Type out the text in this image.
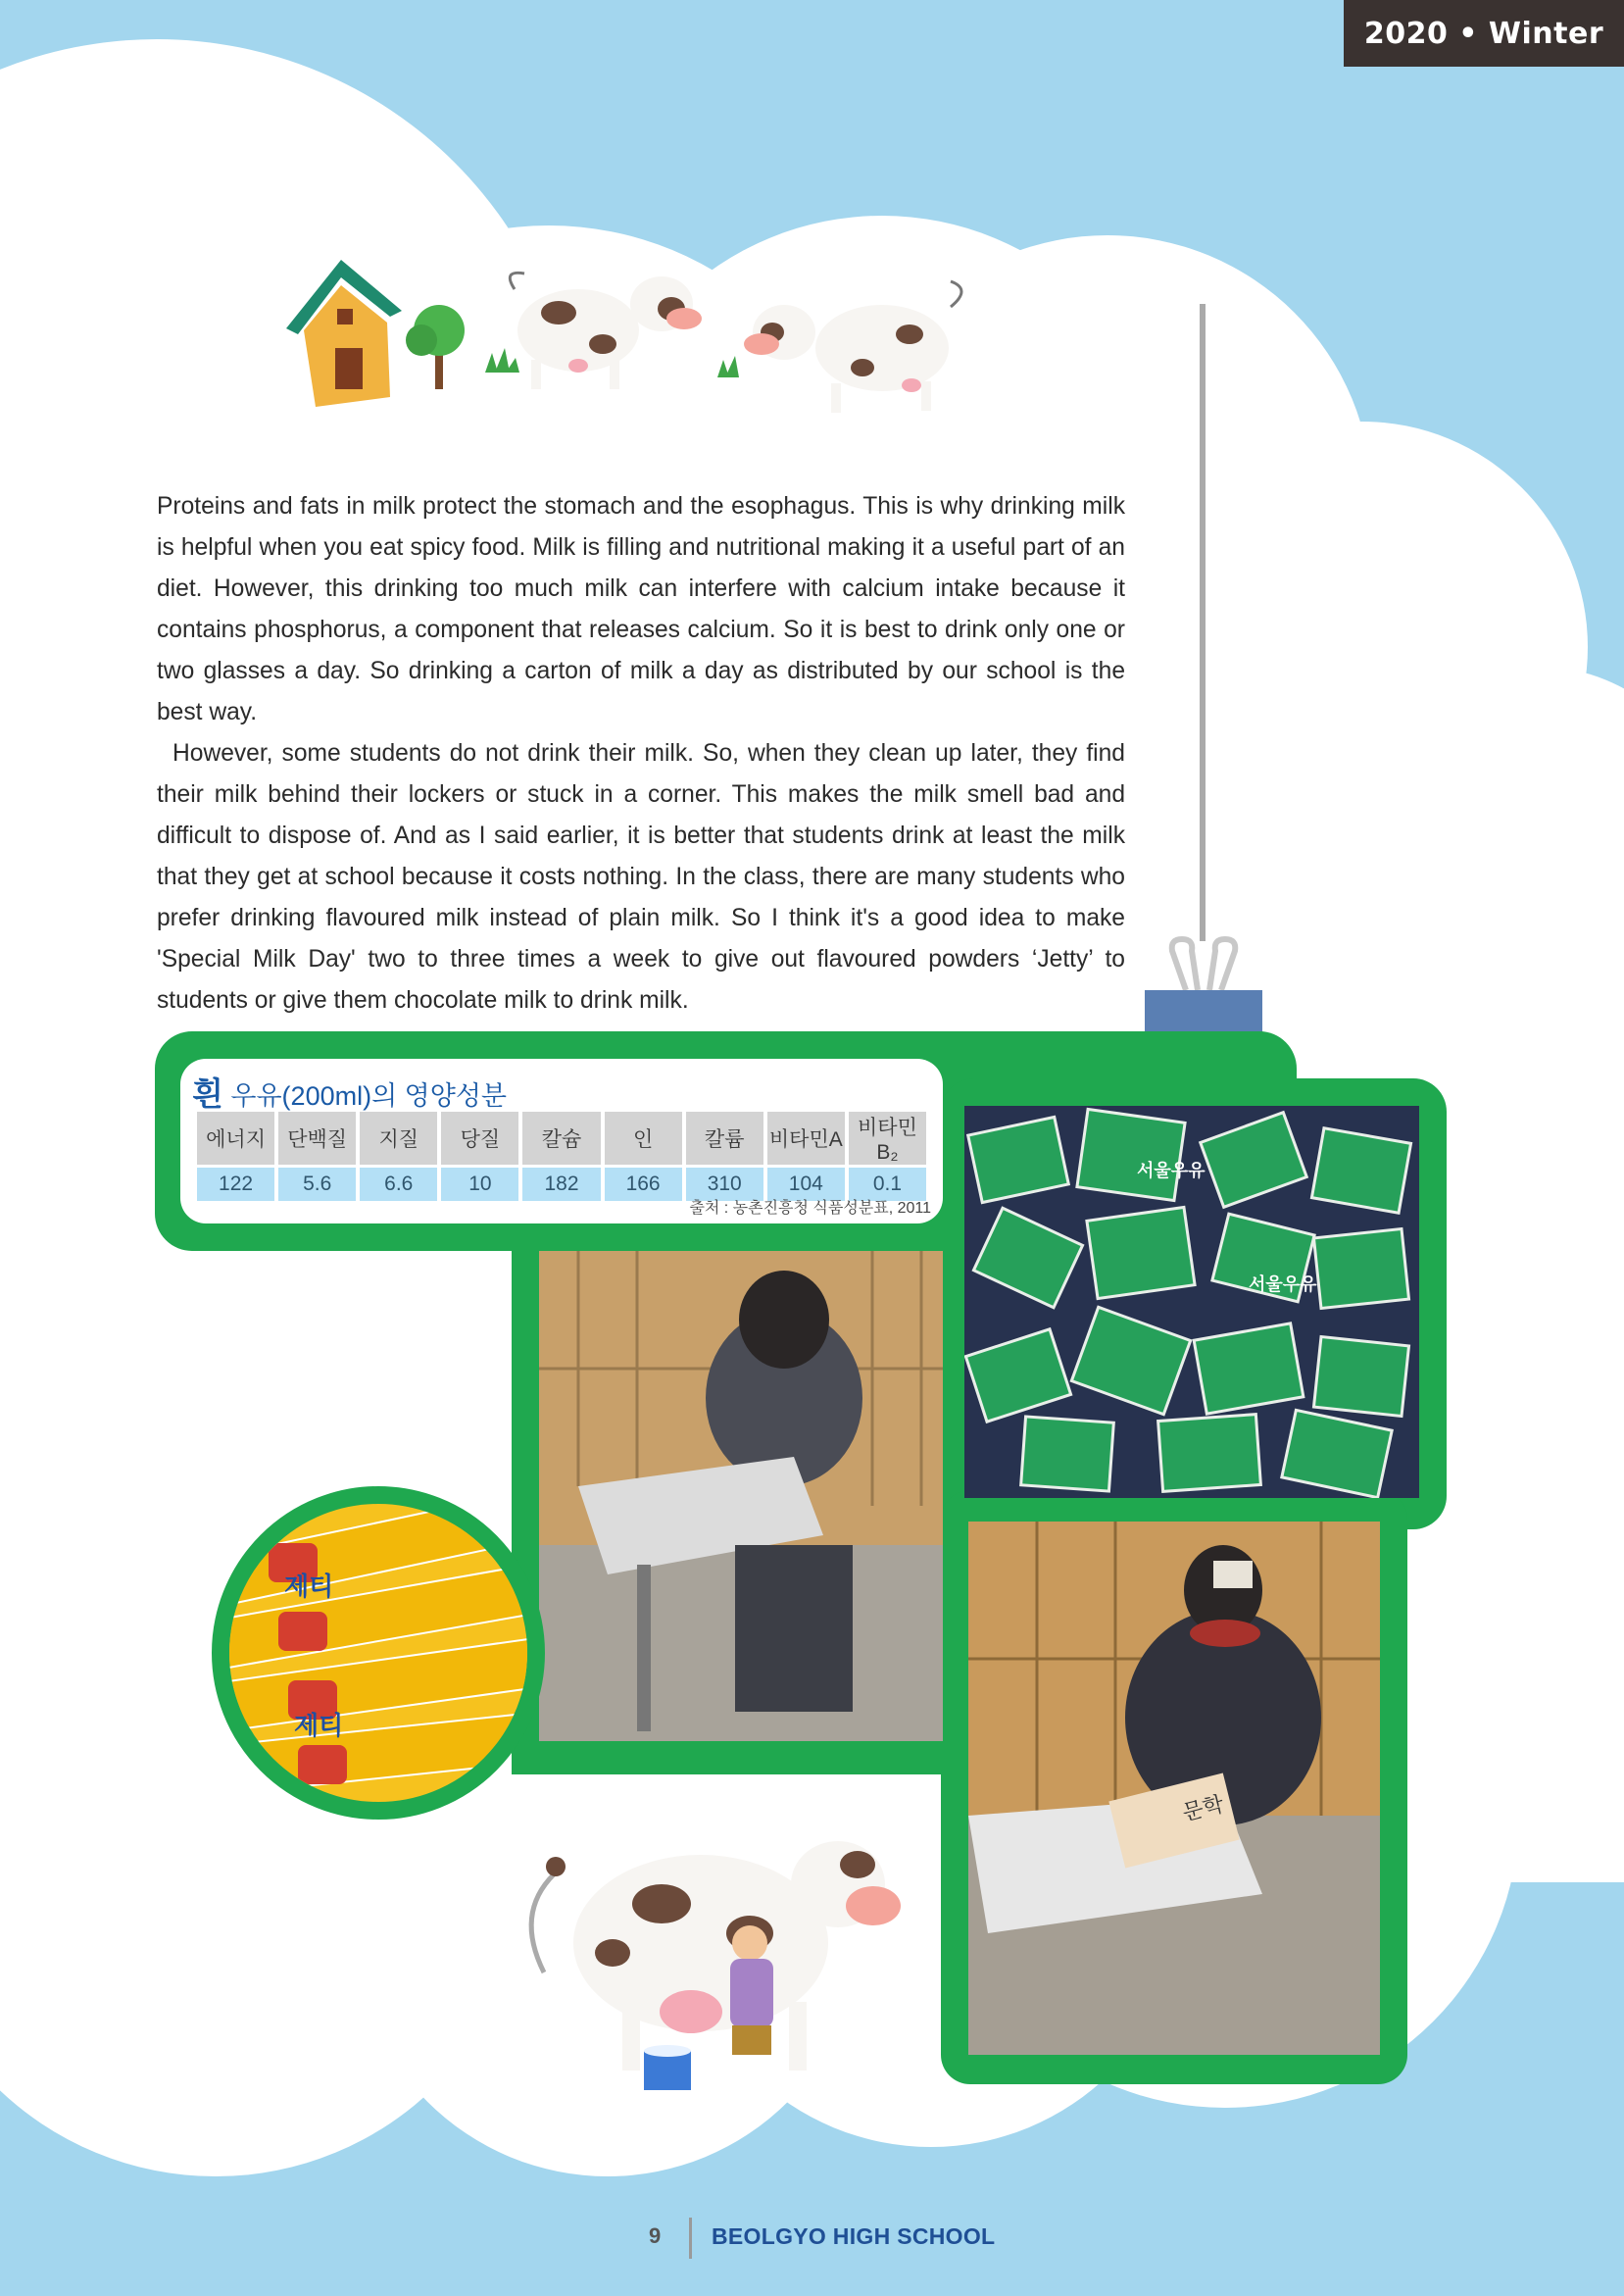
2020 • Winter

Proteins and fats in milk protect the stomach and the esophagus. This is why drinking milk is helpful when you eat spicy food. Milk is filling and nutritional making it a useful part of an diet. However, this drinking too much milk can interfere with calcium intake because it contains phosphorus, a component that releases calcium. So it is best to drink only one or two glasses a day. So drinking a carton of milk a day as distributed by our school is the best way.

However, some students do not drink their milk. So, when they clean up later, they find their milk behind their lockers or stuck in a corner. This makes the milk smell bad and difficult to dispose of. And as I said earlier, it is better that students drink at least the milk that they get at school because it costs nothing. In the class, there are many students who prefer drinking flavoured milk instead of plain milk. So I think it's a good idea to make 'Special Milk Day' two to three times a week to give out flavoured powders ‘Jetty’ to students or give them chocolate milk to drink milk.

흰 우유(200ml)의 영양성분
에너지	단백질	지질	당질	칼슘	인	칼륨	비타민A	비타민B₂
122	5.6	6.6	10	182	166	310	104	0.1
출처 : 농촌진흥청 식품성분표, 2011
서울우유
서울우유
문학
제티
제티
9 BEOLGYO HIGH SCHOOL
